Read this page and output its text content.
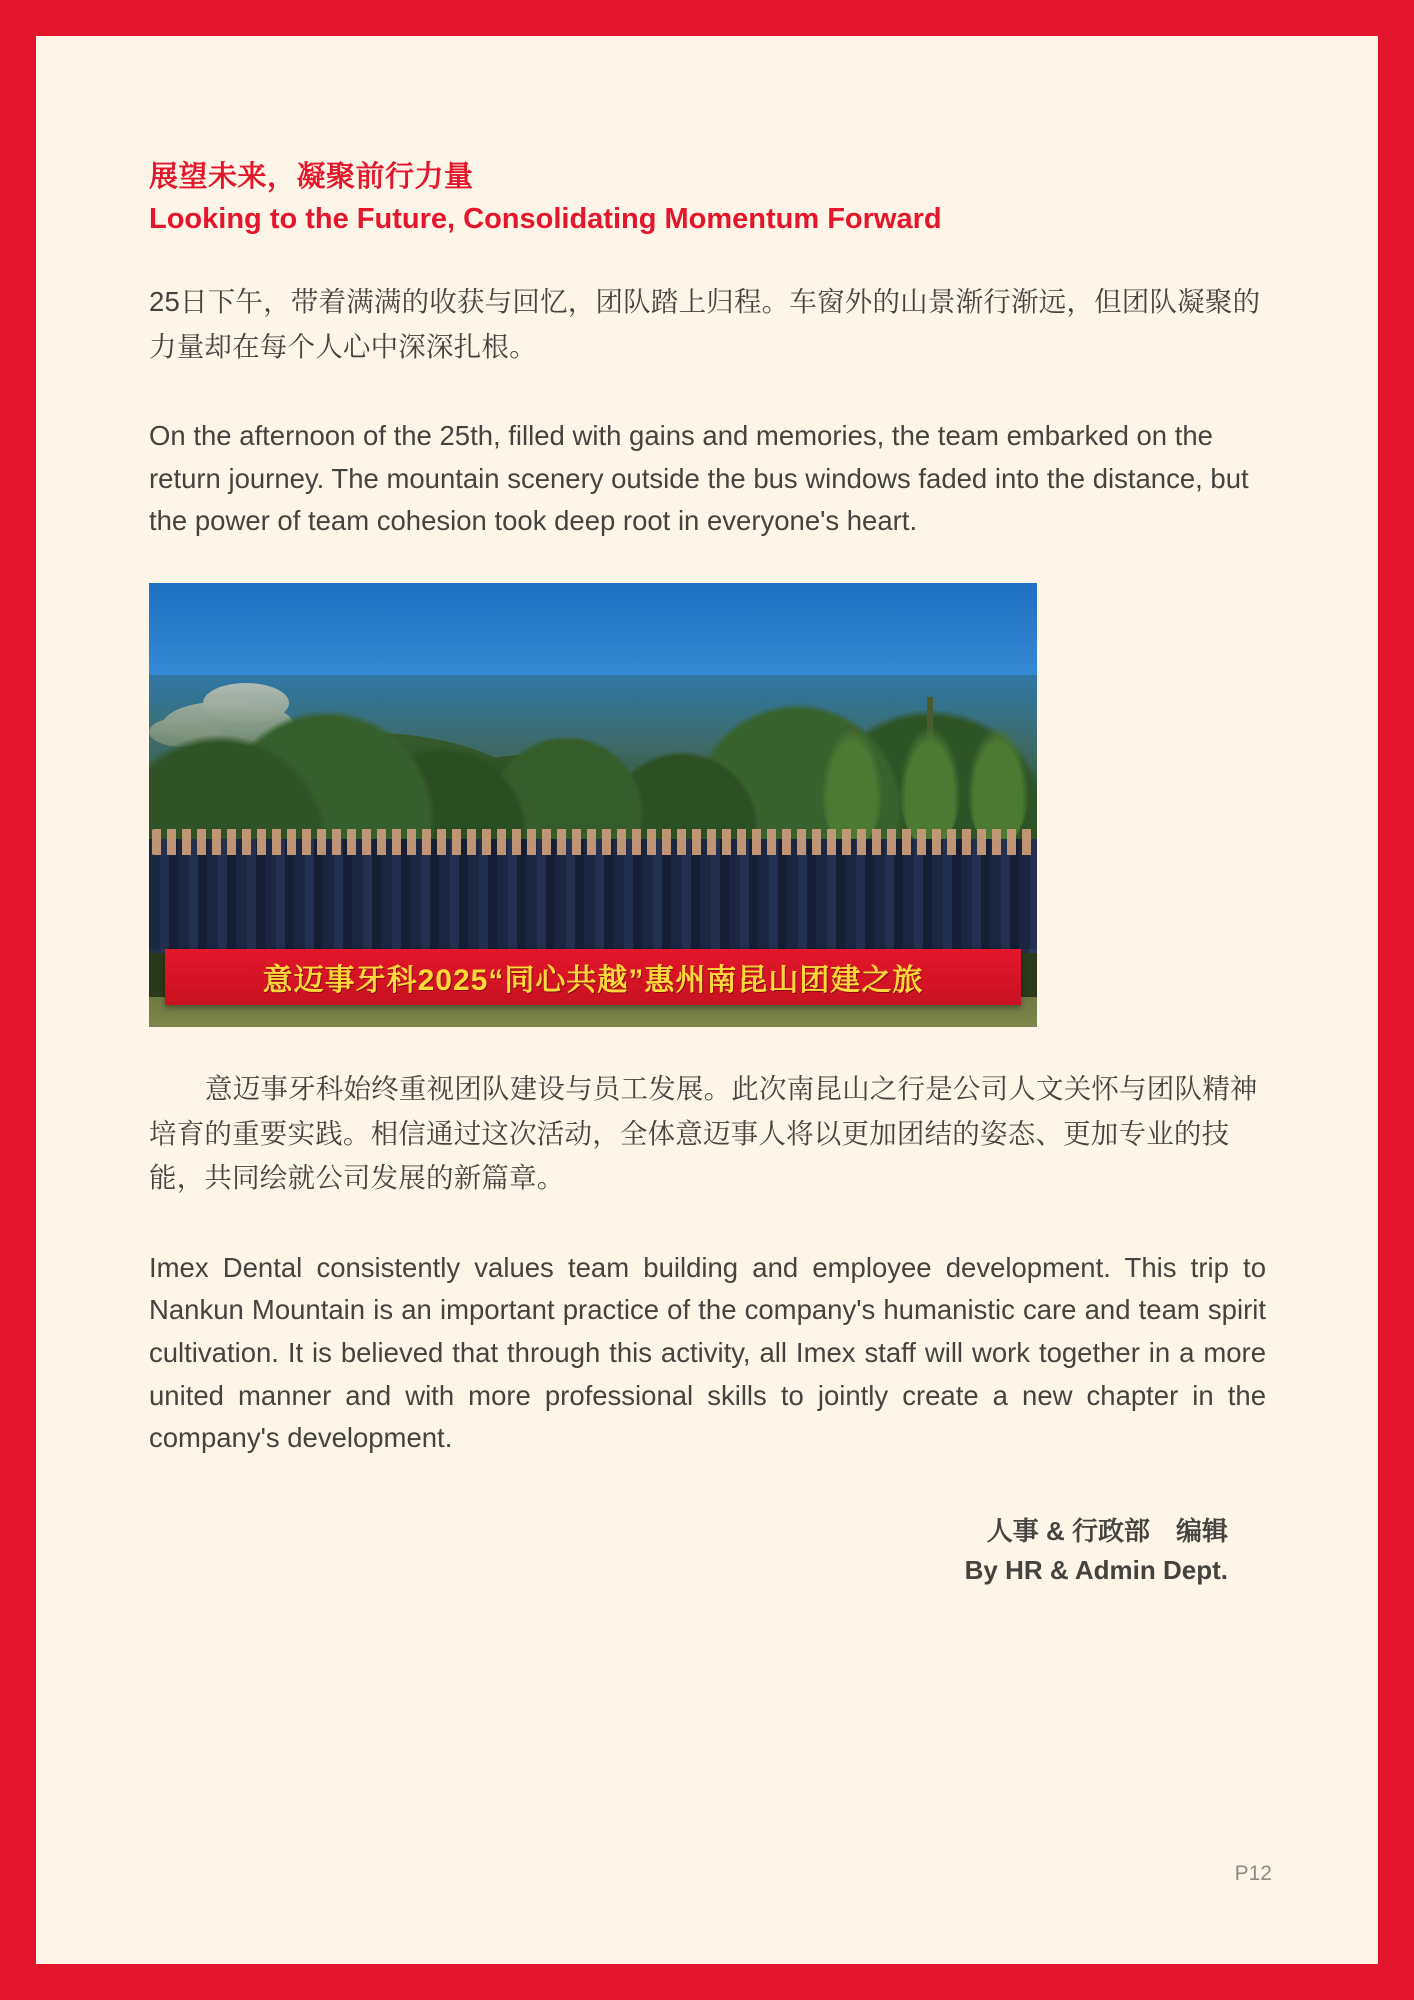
展望未来，凝聚前行力量
Looking to the Future, Consolidating Momentum Forward

25日下午，带着满满的收获与回忆，团队踏上归程。车窗外的山景渐行渐远，但团队凝聚的力量却在每个人心中深深扎根。

On the afternoon of the 25th, filled with gains and memories, the team embarked on the return journey. The mountain scenery outside the bus windows faded into the distance, but the power of team cohesion took deep root in everyone's heart.

意迈事牙科2025“同心共越”惠州南昆山团建之旅

意迈事牙科始终重视团队建设与员工发展。此次南昆山之行是公司人文关怀与团队精神培育的重要实践。相信通过这次活动，全体意迈事人将以更加团结的姿态、更加专业的技能，共同绘就公司发展的新篇章。

Imex Dental consistently values team building and employee development. This trip to Nankun Mountain is an important practice of the company's humanistic care and team spirit cultivation. It is believed that through this activity, all Imex staff will work together in a more united manner and with more professional skills to jointly create a new chapter in the company's development.

人事 & 行政部　编辑
By HR & Admin Dept.
P12
